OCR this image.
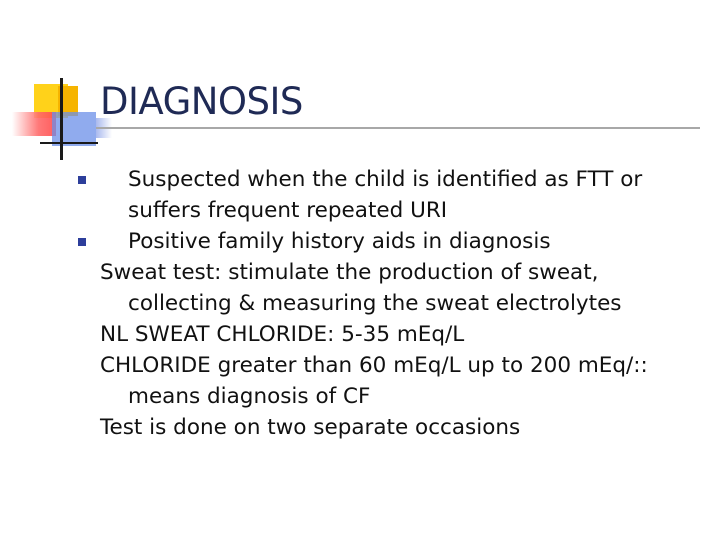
DIAGNOSIS

Suspected when the child is identified as FTT or suffers frequent repeated URI

Positive family history aids in diagnosis

Sweat test: stimulate the production of sweat, collecting & measuring the sweat electrolytes

NL SWEAT CHLORIDE: 5-35 mEq/L

CHLORIDE greater than 60 mEq/L up to 200 mEq/:: means diagnosis of CF

Test is done on two separate occasions
